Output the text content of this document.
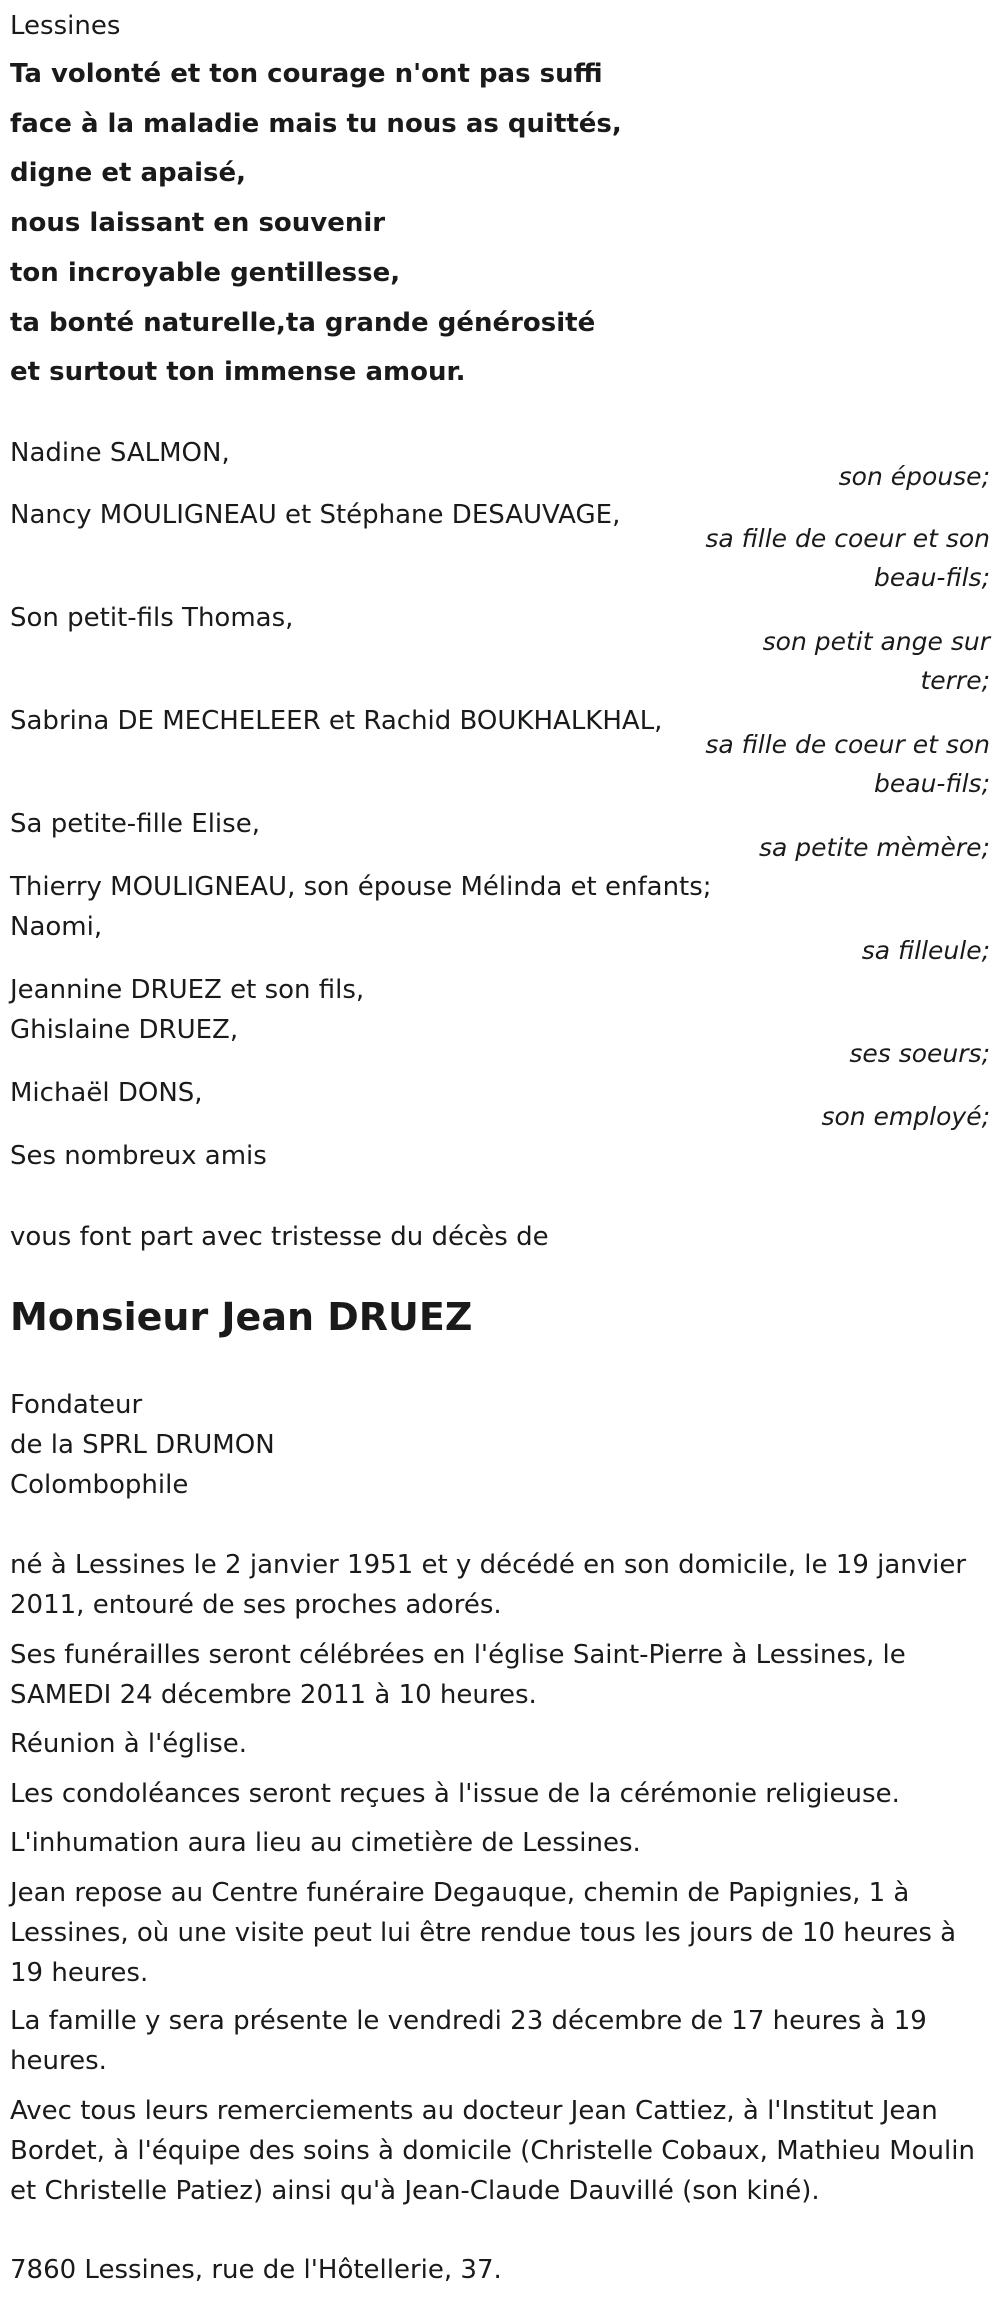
Lessines
Ta volonté et ton courage n'ont pas suffi
face à la maladie mais tu nous as quittés,
digne et apaisé,
nous laissant en souvenir
ton incroyable gentillesse,
ta bonté naturelle,ta grande générosité
et surtout ton immense amour.
Nadine SALMON,
son épouse;
Nancy MOULIGNEAU et Stéphane DESAUVAGE,
sa fille de coeur et son beau-fils;
Son petit-fils Thomas,
son petit ange sur terre;
Sabrina DE MECHELEER et Rachid BOUKHALKHAL,
sa fille de coeur et son beau-fils;
Sa petite-fille Elise,
sa petite mèmère;
Thierry MOULIGNEAU, son épouse Mélinda et enfants;
Naomi,
sa filleule;
Jeannine DRUEZ et son fils,
Ghislaine DRUEZ,
ses soeurs;
Michaël DONS,
son employé;
Ses nombreux amis
vous font part avec tristesse du décès de
Monsieur Jean DRUEZ
Fondateur
de la SPRL DRUMON
Colombophile
né à Lessines le 2 janvier 1951 et y décédé en son domicile, le 19 janvier 2011, entouré de ses proches adorés.
Ses funérailles seront célébrées en l'église Saint-Pierre à Lessines, le SAMEDI 24 décembre 2011 à 10 heures.
Réunion à l'église.
Les condoléances seront reçues à l'issue de la cérémonie religieuse.
L'inhumation aura lieu au cimetière de Lessines.
Jean repose au Centre funéraire Degauque, chemin de Papignies, 1 à Lessines, où une visite peut lui être rendue tous les jours de 10 heures à 19 heures.
La famille y sera présente le vendredi 23 décembre de 17 heures à 19 heures.
Avec tous leurs remerciements au docteur Jean Cattiez, à l'Institut Jean Bordet, à l'équipe des soins à domicile (Christelle Cobaux, Mathieu Moulin et Christelle Patiez) ainsi qu'à Jean-Claude Dauvillé (son kiné).
7860 Lessines, rue de l'Hôtellerie, 37.
